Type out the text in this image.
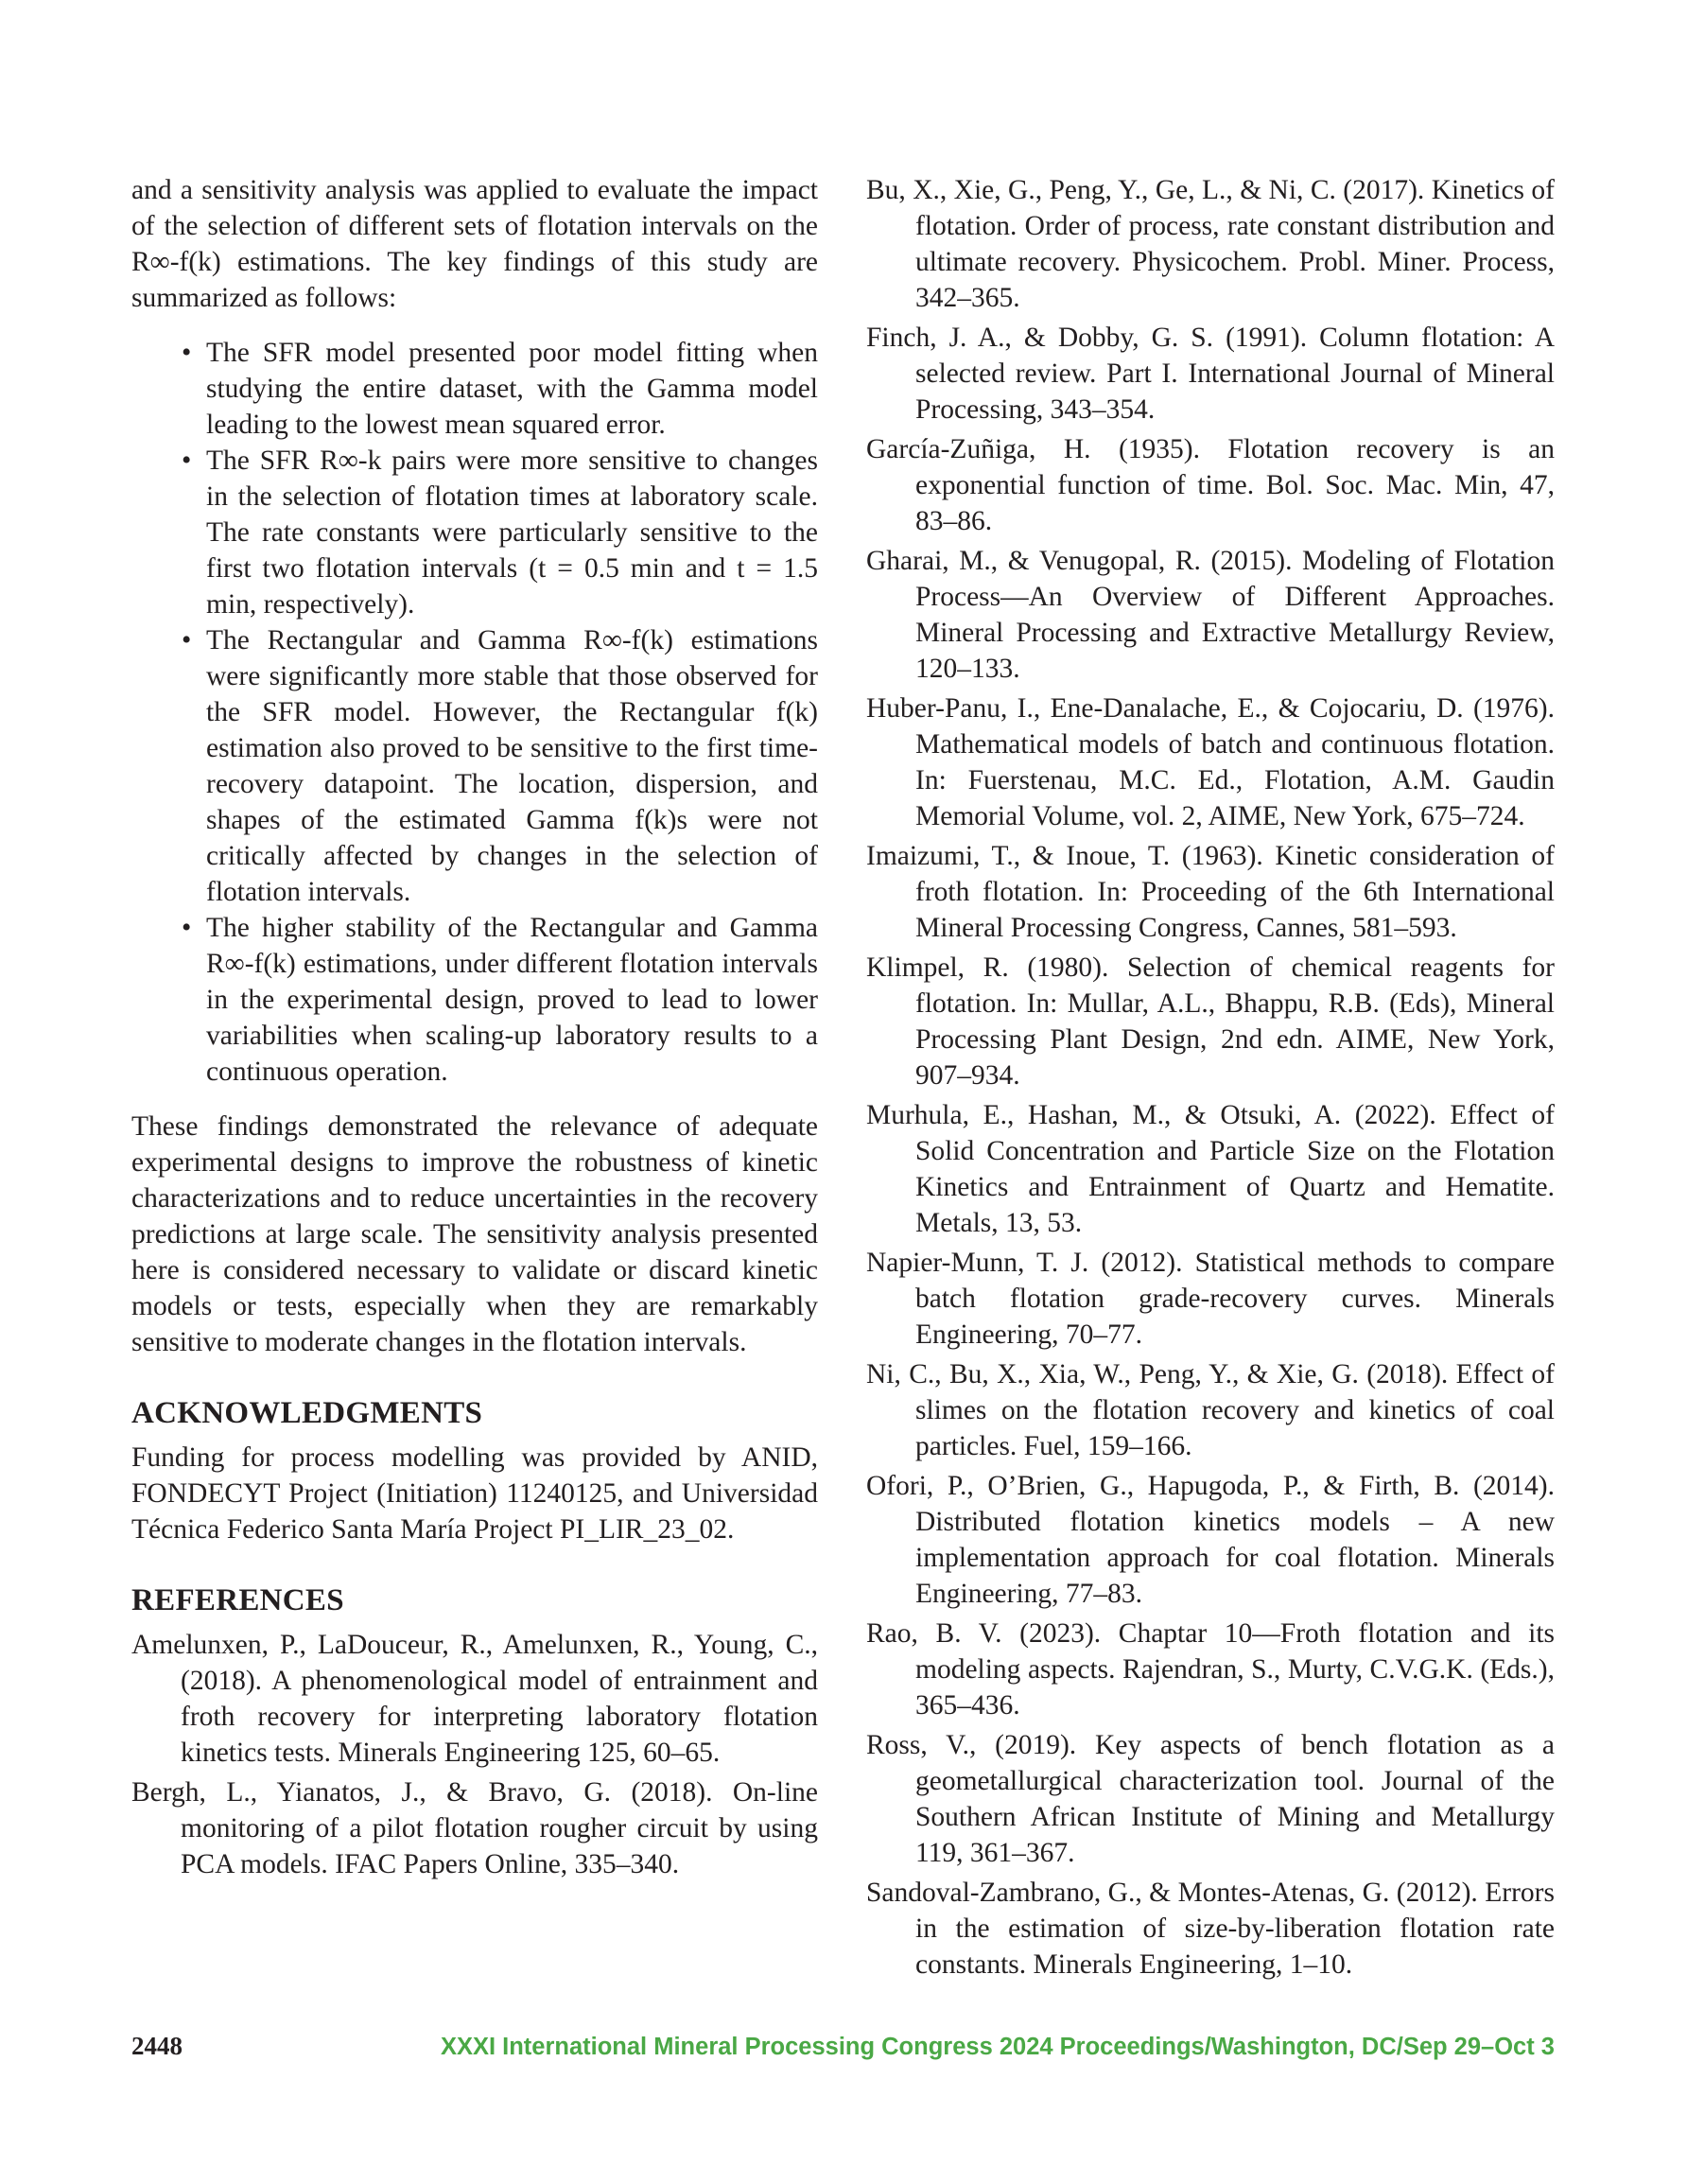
and a sensitivity analysis was applied to evaluate the impact of the selection of different sets of flotation intervals on the R∞-f(k) estimations. The key findings of this study are summarized as follows:

• The SFR model presented poor model fitting when studying the entire dataset, with the Gamma model leading to the lowest mean squared error.
• The SFR R∞-k pairs were more sensitive to changes in the selection of flotation times at laboratory scale. The rate constants were particularly sensitive to the first two flotation intervals (t = 0.5 min and t = 1.5 min, respectively).
• The Rectangular and Gamma R∞-f(k) estimations were significantly more stable that those observed for the SFR model. However, the Rectangular f(k) estimation also proved to be sensitive to the first time-recovery datapoint. The location, dispersion, and shapes of the estimated Gamma f(k)s were not critically affected by changes in the selection of flotation intervals.
• The higher stability of the Rectangular and Gamma R∞-f(k) estimations, under different flotation intervals in the experimental design, proved to lead to lower variabilities when scaling-up laboratory results to a continuous operation.

These findings demonstrated the relevance of adequate experimental designs to improve the robustness of kinetic characterizations and to reduce uncertainties in the recovery predictions at large scale. The sensitivity analysis presented here is considered necessary to validate or discard kinetic models or tests, especially when they are remarkably sensitive to moderate changes in the flotation intervals.

ACKNOWLEDGMENTS

Funding for process modelling was provided by ANID, FONDECYT Project (Initiation) 11240125, and Universidad Técnica Federico Santa María Project PI_LIR_23_02.

REFERENCES

Amelunxen, P., LaDouceur, R., Amelunxen, R., Young, C., (2018). A phenomenological model of entrainment and froth recovery for interpreting laboratory flotation kinetics tests. Minerals Engineering 125, 60–65.

Bergh, L., Yianatos, J., & Bravo, G. (2018). On-line monitoring of a pilot flotation rougher circuit by using PCA models. IFAC Papers Online, 335–340.

Bu, X., Xie, G., Peng, Y., Ge, L., & Ni, C. (2017). Kinetics of flotation. Order of process, rate constant distribution and ultimate recovery. Physicochem. Probl. Miner. Process, 342–365.

Finch, J. A., & Dobby, G. S. (1991). Column flotation: A selected review. Part I. International Journal of Mineral Processing, 343–354.

García-Zuñiga, H. (1935). Flotation recovery is an exponential function of time. Bol. Soc. Mac. Min, 47, 83–86.

Gharai, M., & Venugopal, R. (2015). Modeling of Flotation Process—An Overview of Different Approaches. Mineral Processing and Extractive Metallurgy Review, 120–133.

Huber-Panu, I., Ene-Danalache, E., & Cojocariu, D. (1976). Mathematical models of batch and continuous flotation. In: Fuerstenau, M.C. Ed., Flotation, A.M. Gaudin Memorial Volume, vol. 2, AIME, New York, 675–724.

Imaizumi, T., & Inoue, T. (1963). Kinetic consideration of froth flotation. In: Proceeding of the 6th International Mineral Processing Congress, Cannes, 581–593.

Klimpel, R. (1980). Selection of chemical reagents for flotation. In: Mullar, A.L., Bhappu, R.B. (Eds), Mineral Processing Plant Design, 2nd edn. AIME, New York, 907–934.

Murhula, E., Hashan, M., & Otsuki, A. (2022). Effect of Solid Concentration and Particle Size on the Flotation Kinetics and Entrainment of Quartz and Hematite. Metals, 13, 53.

Napier-Munn, T. J. (2012). Statistical methods to compare batch flotation grade-recovery curves. Minerals Engineering, 70–77.

Ni, C., Bu, X., Xia, W., Peng, Y., & Xie, G. (2018). Effect of slimes on the flotation recovery and kinetics of coal particles. Fuel, 159–166.

Ofori, P., O’Brien, G., Hapugoda, P., & Firth, B. (2014). Distributed flotation kinetics models – A new implementation approach for coal flotation. Minerals Engineering, 77–83.

Rao, B. V. (2023). Chaptar 10—Froth flotation and its modeling aspects. Rajendran, S., Murty, C.V.G.K. (Eds.), 365–436.

Ross, V., (2019). Key aspects of bench flotation as a geometallurgical characterization tool. Journal of the Southern African Institute of Mining and Metallurgy 119, 361–367.

Sandoval-Zambrano, G., & Montes-Atenas, G. (2012). Errors in the estimation of size-by-liberation flotation rate constants. Minerals Engineering, 1–10.

2448	XXXI International Mineral Processing Congress 2024 Proceedings/Washington, DC/Sep 29–Oct 3
